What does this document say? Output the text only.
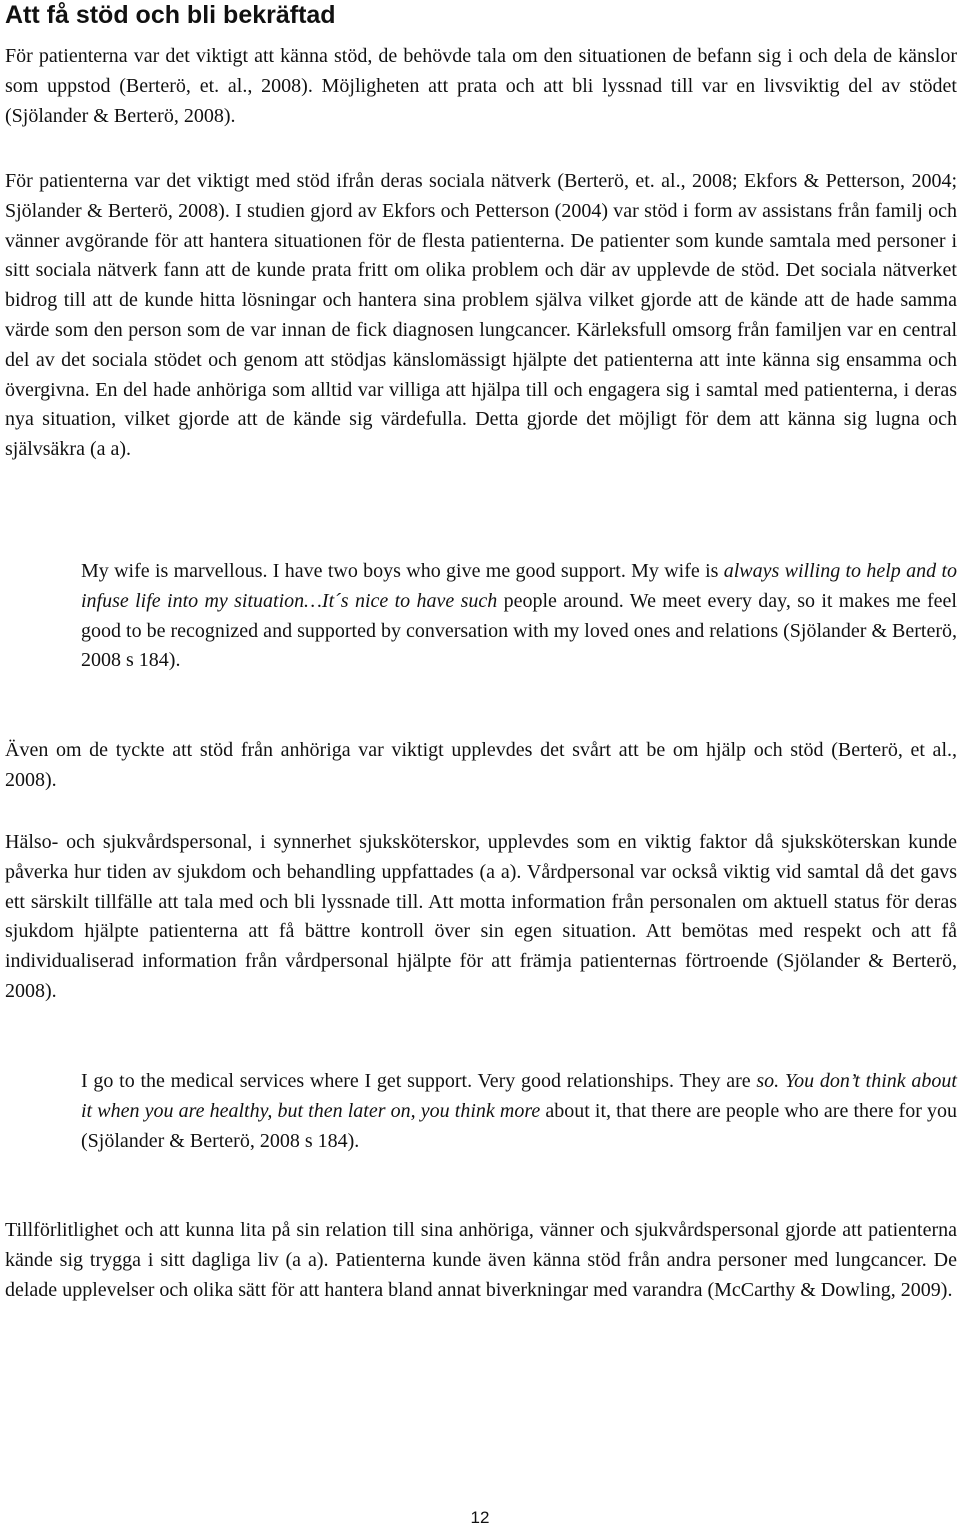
Att få stöd och bli bekräftad

För patienterna var det viktigt att känna stöd, de behövde tala om den situationen de befann sig i och dela de känslor som uppstod (Berterö, et. al., 2008). Möjligheten att prata och att bli lyssnad till var en livsviktig del av stödet (Sjölander & Berterö, 2008).

För patienterna var det viktigt med stöd ifrån deras sociala nätverk (Berterö, et. al., 2008; Ekfors & Petterson, 2004; Sjölander & Berterö, 2008). I studien gjord av Ekfors och Petterson (2004) var stöd i form av assistans från familj och vänner avgörande för att hantera situationen för de flesta patienterna. De patienter som kunde samtala med personer i sitt sociala nätverk fann att de kunde prata fritt om olika problem och där av upplevde de stöd. Det sociala nätverket bidrog till att de kunde hitta lösningar och hantera sina problem själva vilket gjorde att de kände att de hade samma värde som den person som de var innan de fick diagnosen lungcancer. Kärleksfull omsorg från familjen var en central del av det sociala stödet och genom att stödjas känslomässigt hjälpte det patienterna att inte känna sig ensamma och övergivna. En del hade anhöriga som alltid var villiga att hjälpa till och engagera sig i samtal med patienterna, i deras nya situation, vilket gjorde att de kände sig värdefulla. Detta gjorde det möjligt för dem att känna sig lugna och självsäkra (a a).

My wife is marvellous. I have two boys who give me good support. My wife is always willing to help and to infuse life into my situation…It´s nice to have such people around. We meet every day, so it makes me feel good to be recognized and supported by conversation with my loved ones and relations (Sjölander & Berterö, 2008 s 184).

Även om de tyckte att stöd från anhöriga var viktigt upplevdes det svårt att be om hjälp och stöd (Berterö, et al., 2008).

Hälso- och sjukvårdspersonal, i synnerhet sjuksköterskor, upplevdes som en viktig faktor då sjuksköterskan kunde påverka hur tiden av sjukdom och behandling uppfattades (a a). Vårdpersonal var också viktig vid samtal då det gavs ett särskilt tillfälle att tala med och bli lyssnade till. Att motta information från personalen om aktuell status för deras sjukdom hjälpte patienterna att få bättre kontroll över sin egen situation. Att bemötas med respekt och att få individualiserad information från vårdpersonal hjälpte för att främja patienternas förtroende (Sjölander & Berterö, 2008).

I go to the medical services where I get support. Very good relationships. They are so. You don’t think about it when you are healthy, but then later on, you think more about it, that there are people who are there for you (Sjölander & Berterö, 2008 s 184).

Tillförlitlighet och att kunna lita på sin relation till sina anhöriga, vänner och sjukvårdspersonal gjorde att patienterna kände sig trygga i sitt dagliga liv (a a). Patienterna kunde även känna stöd från andra personer med lungcancer. De delade upplevelser och olika sätt för att hantera bland annat biverkningar med varandra (McCarthy & Dowling, 2009).

12
